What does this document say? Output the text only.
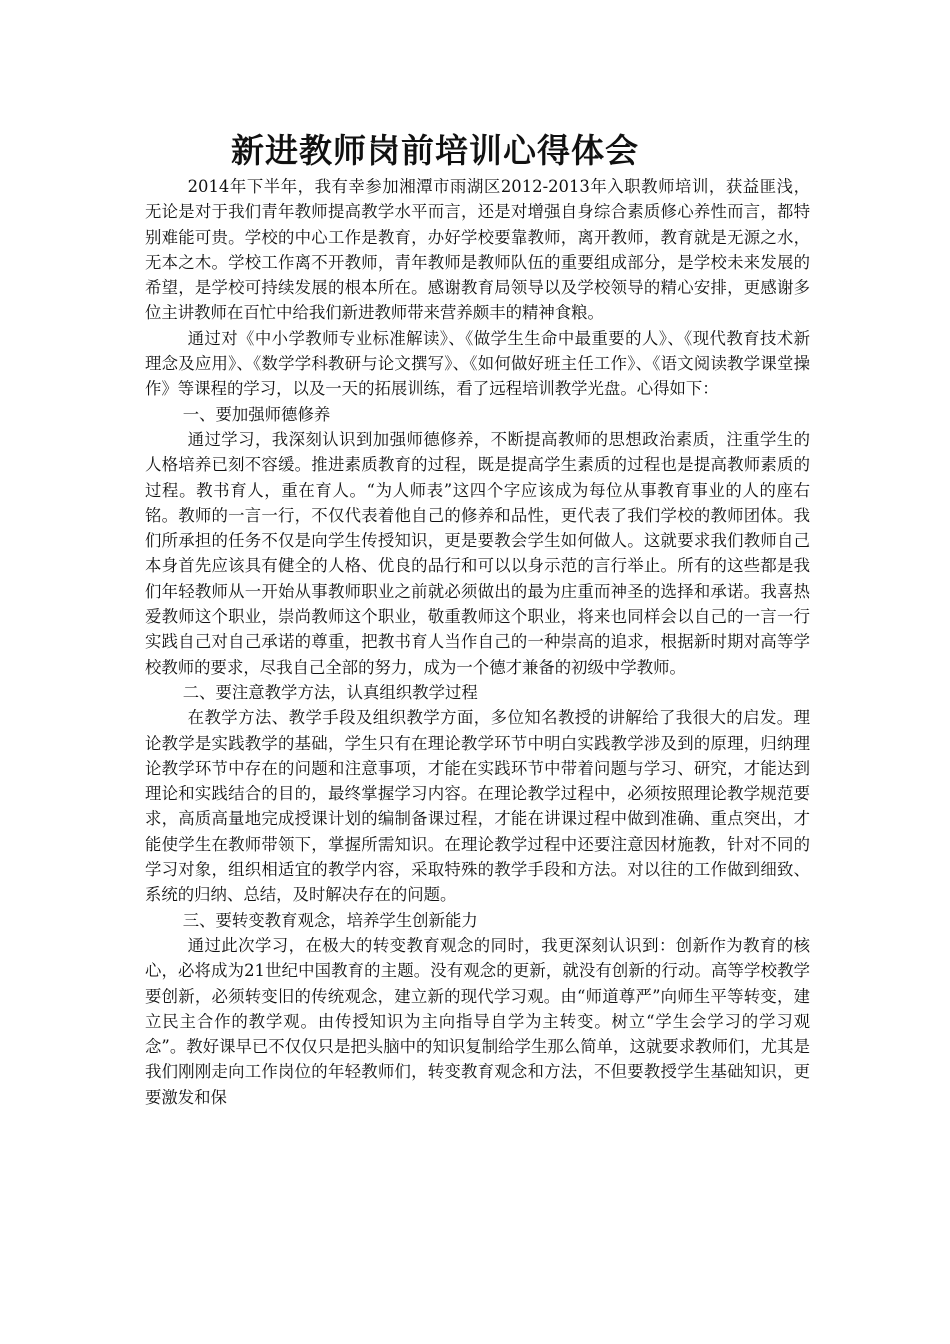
新进教师岗前培训心得体会

2014年下半年，我有幸参加湘潭市雨湖区2012-2013年入职教师培训，获益匪浅，无论是对于我们青年教师提高教学水平而言，还是对增强自身综合素质修心养性而言，都特别难能可贵。学校的中心工作是教育，办好学校要靠教师，离开教师，教育就是无源之水，无本之木。学校工作离不开教师，青年教师是教师队伍的重要组成部分，是学校未来发展的希望，是学校可持续发展的根本所在。感谢教育局领导以及学校领导的精心安排，更感谢多位主讲教师在百忙中给我们新进教师带来营养颇丰的精神食粮。

通过对《中小学教师专业标准解读》、《做学生生命中最重要的人》、《现代教育技术新理念及应用》、《数学学科教研与论文撰写》、《如何做好班主任工作》、《语文阅读教学课堂操作》等课程的学习，以及一天的拓展训练，看了远程培训教学光盘。心得如下：

一、要加强师德修养

通过学习，我深刻认识到加强师德修养，不断提高教师的思想政治素质，注重学生的人格培养已刻不容缓。推进素质教育的过程，既是提高学生素质的过程也是提高教师素质的过程。教书育人，重在育人。“为人师表”这四个字应该成为每位从事教育事业的人的座右铭。教师的一言一行，不仅代表着他自己的修养和品性，更代表了我们学校的教师团体。我们所承担的任务不仅是向学生传授知识，更是要教会学生如何做人。这就要求我们教师自己本身首先应该具有健全的人格、优良的品行和可以以身示范的言行举止。所有的这些都是我们年轻教师从一开始从事教师职业之前就必须做出的最为庄重而神圣的选择和承诺。我喜热爱教师这个职业，崇尚教师这个职业，敬重教师这个职业，将来也同样会以自己的一言一行实践自己对自己承诺的尊重，把教书育人当作自己的一种崇高的追求，根据新时期对高等学校教师的要求，尽我自己全部的努力，成为一个德才兼备的初级中学教师。

二、要注意教学方法，认真组织教学过程

在教学方法、教学手段及组织教学方面，多位知名教授的讲解给了我很大的启发。理论教学是实践教学的基础，学生只有在理论教学环节中明白实践教学涉及到的原理，归纳理论教学环节中存在的问题和注意事项，才能在实践环节中带着问题与学习、研究，才能达到理论和实践结合的目的，最终掌握学习内容。在理论教学过程中，必须按照理论教学规范要求，高质高量地完成授课计划的编制备课过程，才能在讲课过程中做到准确、重点突出，才能使学生在教师带领下，掌握所需知识。在理论教学过程中还要注意因材施教，针对不同的学习对象，组织相适宜的教学内容，采取特殊的教学手段和方法。对以往的工作做到细致、系统的归纳、总结，及时解决存在的问题。

三、要转变教育观念，培养学生创新能力

通过此次学习，在极大的转变教育观念的同时，我更深刻认识到：创新作为教育的核心，必将成为21世纪中国教育的主题。没有观念的更新，就没有创新的行动。高等学校教学要创新，必须转变旧的传统观念，建立新的现代学习观。由“师道尊严”向师生平等转变，建立民主合作的教学观。由传授知识为主向指导自学为主转变。树立“学生会学习的学习观念”。教好课早已不仅仅只是把头脑中的知识复制给学生那么简单，这就要求教师们，尤其是我们刚刚走向工作岗位的年轻教师们，转变教育观念和方法，不但要教授学生基础知识，更要激发和保
